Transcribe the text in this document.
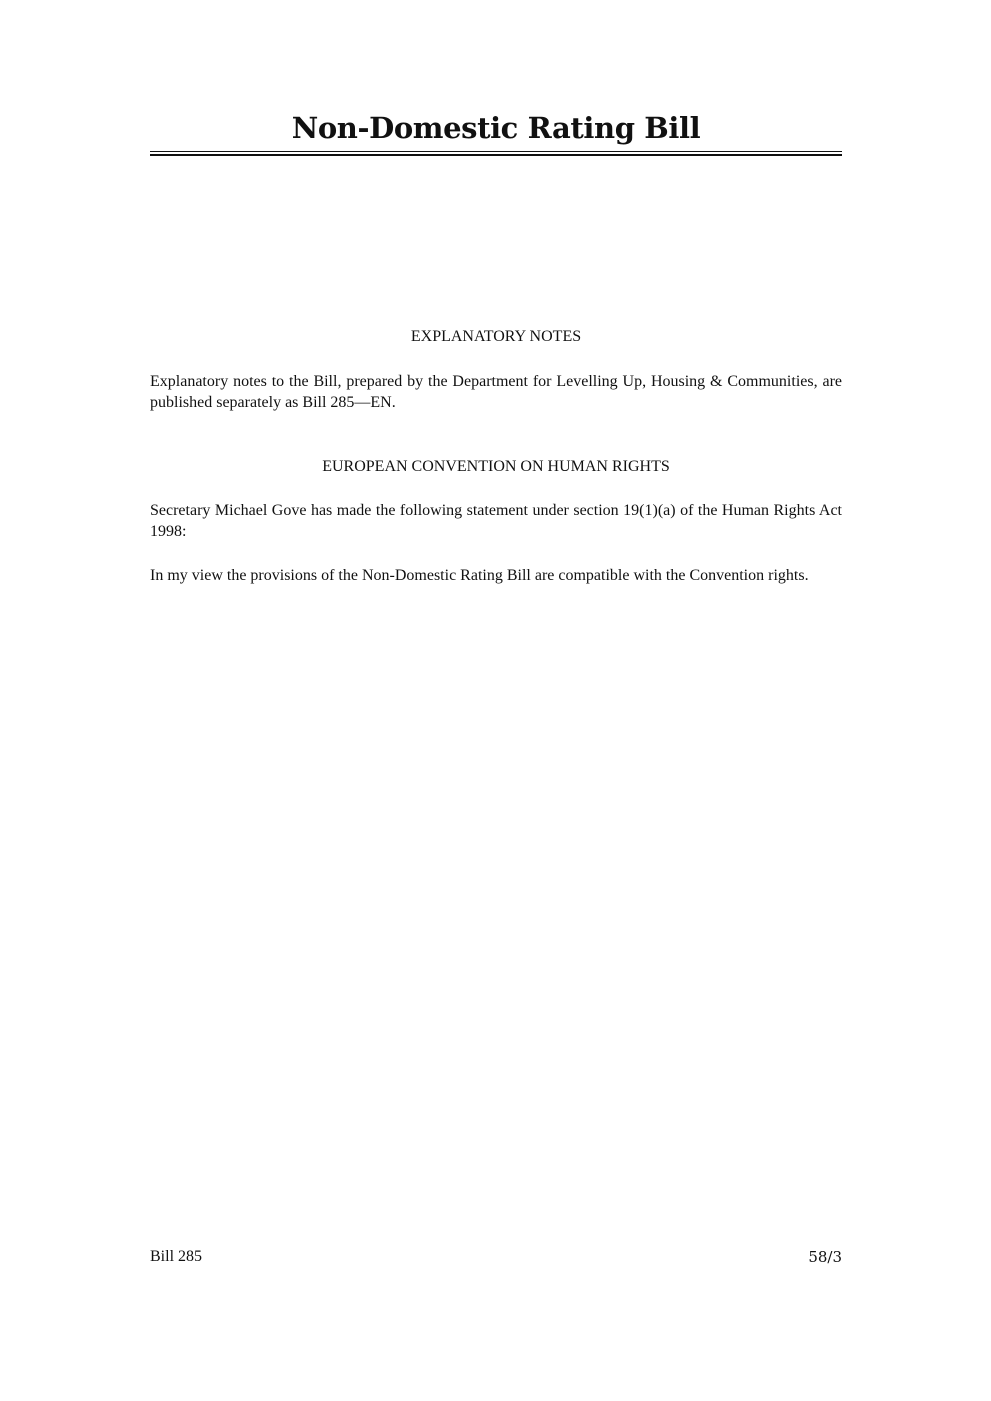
Non-Domestic Rating Bill
EXPLANATORY NOTES
Explanatory notes to the Bill, prepared by the Department for Levelling Up, Housing & Communities, are published separately as Bill 285—EN.
EUROPEAN CONVENTION ON HUMAN RIGHTS
Secretary Michael Gove has made the following statement under section 19(1)(a) of the Human Rights Act 1998:
In my view the provisions of the Non-Domestic Rating Bill are compatible with the Convention rights.
Bill 285	58/3
